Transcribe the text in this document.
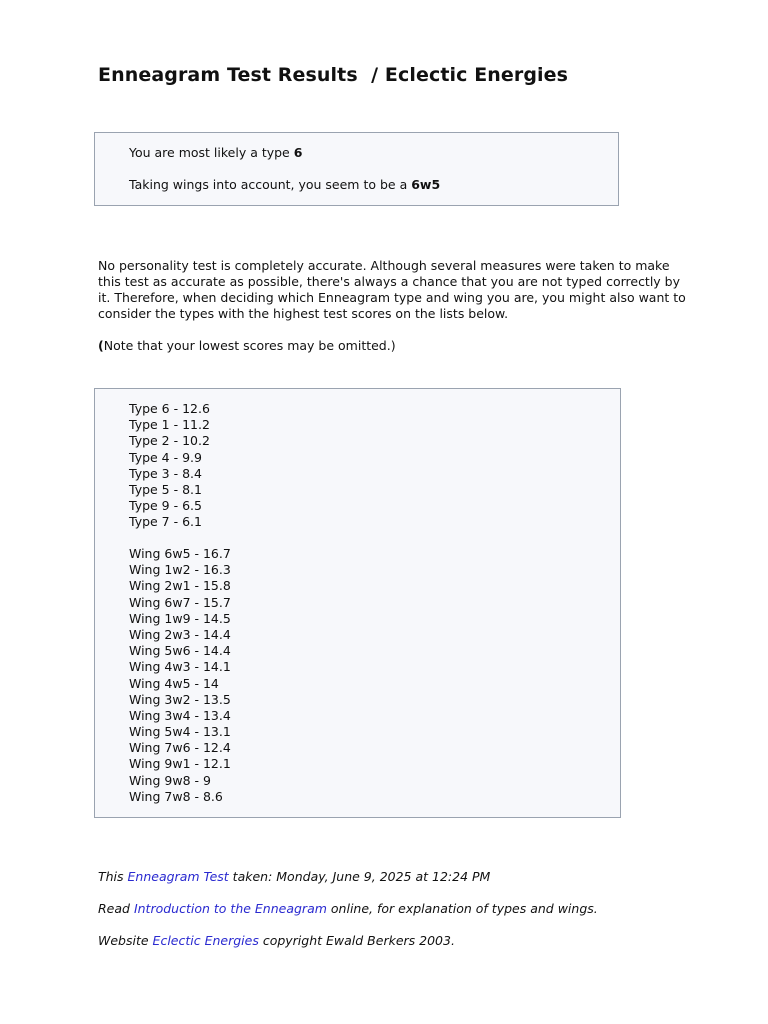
Enneagram Test Results  / Eclectic Energies
You are most likely a type 6
Taking wings into account, you seem to be a 6w5

No personality test is completely accurate. Although several measures were taken to make this test as accurate as possible, there's always a chance that you are not typed correctly by it. Therefore, when deciding which Enneagram type and wing you are, you might also want to consider the types with the highest test scores on the lists below.

(Note that your lowest scores may be omitted.)

Type 6 - 12.6
Type 1 - 11.2
Type 2 - 10.2
Type 4 - 9.9
Type 3 - 8.4
Type 5 - 8.1
Type 9 - 6.5
Type 7 - 6.1
Wing 6w5 - 16.7
Wing 1w2 - 16.3
Wing 2w1 - 15.8
Wing 6w7 - 15.7
Wing 1w9 - 14.5
Wing 2w3 - 14.4
Wing 5w6 - 14.4
Wing 4w3 - 14.1
Wing 4w5 - 14
Wing 3w2 - 13.5
Wing 3w4 - 13.4
Wing 5w4 - 13.1
Wing 7w6 - 12.4
Wing 9w1 - 12.1
Wing 9w8 - 9
Wing 7w8 - 8.6

This Enneagram Test taken: Monday, June 9, 2025 at 12:24 PM

Read Introduction to the Enneagram online, for explanation of types and wings.

Website Eclectic Energies copyright Ewald Berkers 2003.
